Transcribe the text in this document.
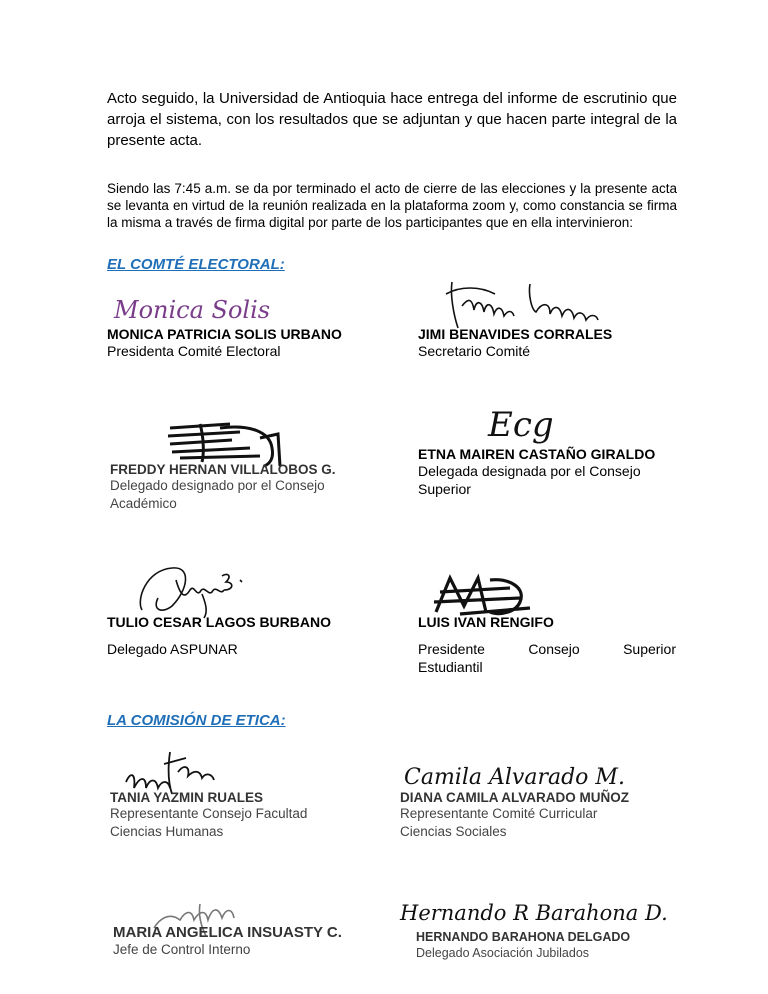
Acto seguido, la Universidad de Antioquia hace entrega del informe de escrutinio que arroja el sistema, con los resultados que se adjuntan y que hacen parte integral de la presente acta.
Siendo las 7:45 a.m. se da por terminado el acto de cierre de las elecciones y la presente acta se levanta en virtud de la reunión realizada en la plataforma zoom y, como constancia se firma la misma a través de firma digital por parte de los participantes que en ella intervinieron:
EL COMTÉ ELECTORAL:
Monica Solis
MONICA PATRICIA SOLIS URBANO
Presidenta Comité Electoral
JIMI BENAVIDES CORRALES
Secretario Comité
FREDDY HERNAN VILLALOBOS G.
Delegado designado por el Consejo
Académico
Ecg
ETNA MAIREN CASTAÑO GIRALDO
Delegada designada por el Consejo
Superior
TULIO CESAR LAGOS BURBANO
Delegado ASPUNAR
LUIS IVAN RENGIFO
Presidente Consejo Superior
Estudiantil
LA COMISIÓN DE ETICA:
TANIA YAZMIN RUALES
Representante Consejo Facultad
Ciencias Humanas
Camila Alvarado M.
DIANA CAMILA ALVARADO MUÑOZ
Representante Comité Curricular
Ciencias Sociales
MARIA ANGELICA INSUASTY C.
Jefe de Control Interno
Hernando R Barahona D.
HERNANDO BARAHONA DELGADO
Delegado Asociación Jubilados
